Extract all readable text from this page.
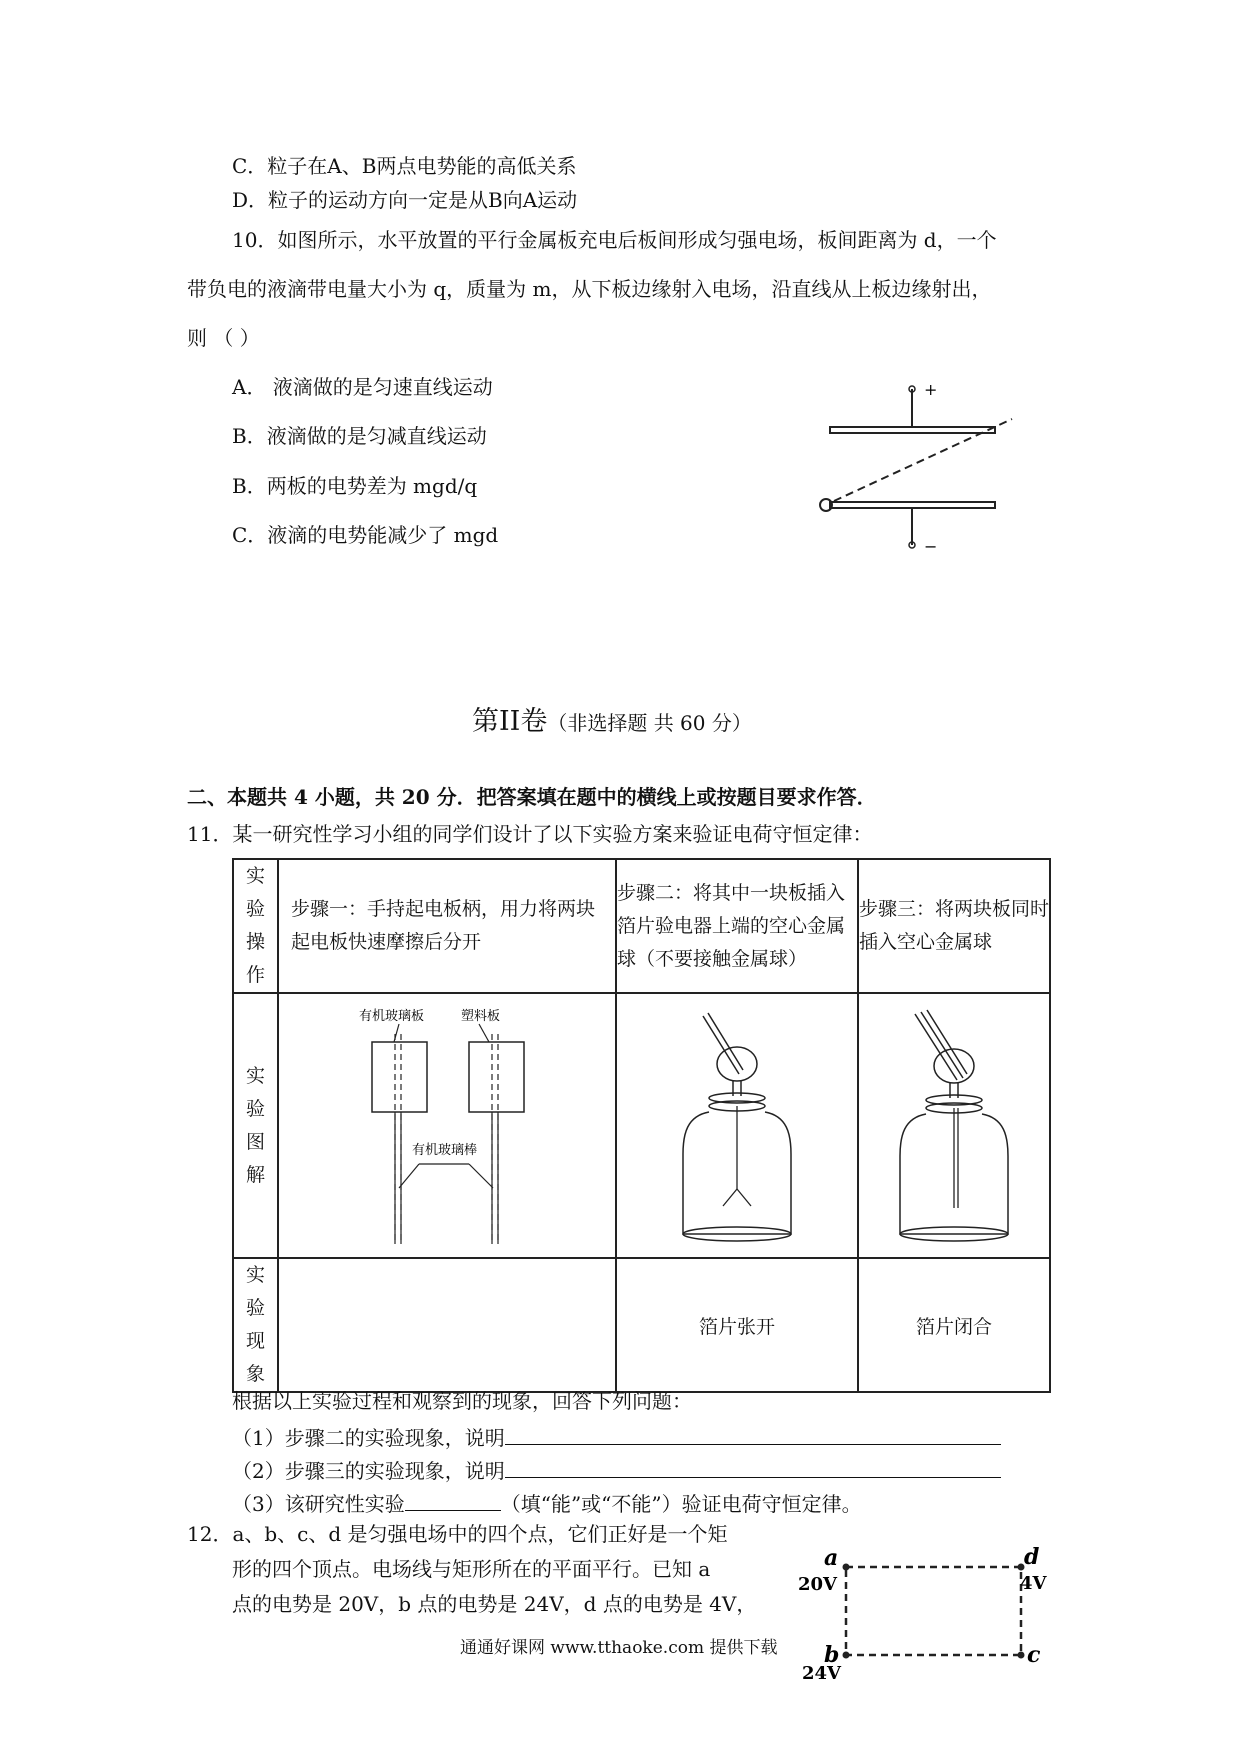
C．粒子在A、B两点电势能的高低关系
D．粒子的运动方向一定是从B向A运动
10．如图所示，水平放置的平行金属板充电后板间形成匀强电场，板间距离为 d，一个
带负电的液滴带电量大小为 q，质量为 m，从下板边缘射入电场，沿直线从上板边缘射出，
则 （ ）
A． 液滴做的是匀速直线运动
B．液滴做的是匀减直线运动
B．两板的电势差为 mgd/q
C．液滴的电势能减少了 mgd
+
−
第II卷（非选择题 共 60 分）
二、本题共 4 小题，共 20 分．把答案填在题中的横线上或按题目要求作答．
11．某一研究性学习小组的同学们设计了以下实验方案来验证电荷守恒定律：
实验操作	步骤一：手持起电板柄，用力将两块起电板快速摩擦后分开	步骤二：将其中一块板插入箔片验电器上端的空心金属球（不要接触金属球）	步骤三：将两块板同时插入空心金属球
实验图解	有机玻璃板 塑料板
有机玻璃棒

实验现象		箔片张开	箔片闭合
根据以上实验过程和观察到的现象，回答下列问题：
（1）步骤二的实验现象，说明
（2）步骤三的实验现象，说明
（3）该研究性实验	（填“能”或“不能”）验证电荷守恒定律。
12．a、b、c、d 是匀强电场中的四个点，它们正好是一个矩
形的四个顶点。电场线与矩形所在的平面平行。已知 a
点的电势是 20V，b 点的电势是 24V，d 点的电势是 4V，
a	d
b	c
20V	4V
24V
通通好课网 www.tthaoke.com 提供下载
